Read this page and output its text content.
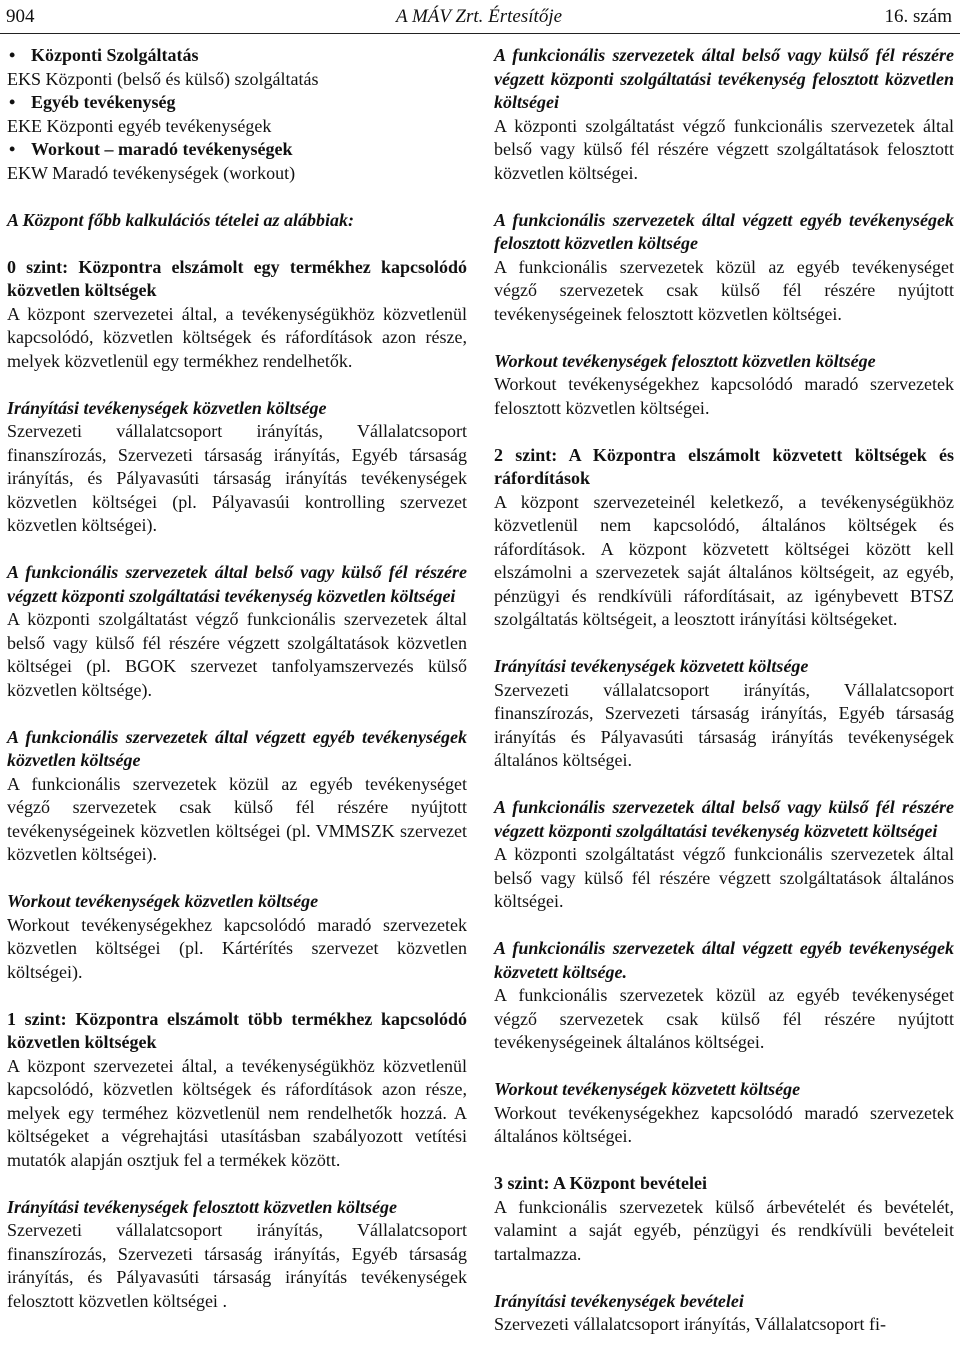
A MÁV Zrt. Értesítője
904	16. szám
• Központi Szolgáltatás
EKS Központi (belső és külső) szolgáltatás
• Egyéb tevékenység
EKE Központi egyéb tevékenységek
• Workout – maradó tevékenységek
EKW Maradó tevékenységek (workout)
A Központ főbb kalkulációs tételei az alábbiak:
0 szint: Központra elszámolt egy termékhez kapcsolódó közvetlen költségek
A központ szervezetei által, a tevékenységükhöz közvetlenül kapcsolódó, közvetlen költségek és ráfordítások azon része, melyek közvetlenül egy termékhez rendelhetők.
Irányítási tevékenységek közvetlen költsége
Szervezeti vállalatcsoport irányítás, Vállalatcsoport finanszírozás, Szervezeti társaság irányítás, Egyéb társaság irányítás, és Pályavasúti társaság irányítás tevékenységek közvetlen költségei (pl. Pályavasúi kontrolling szervezet közvetlen költségei).
A funkcionális szervezetek által belső vagy külső fél részére végzett központi szolgáltatási tevékenység közvetlen költségei
A központi szolgáltatást végző funkcionális szervezetek által belső vagy külső fél részére végzett szolgáltatások közvetlen költségei (pl. BGOK szervezet tanfolyamszervezés külső közvetlen költsége).
A funkcionális szervezetek által végzett egyéb tevékenységek közvetlen költsége
A funkcionális szervezetek közül az egyéb tevékenységet végző szervezetek csak külső fél részére nyújtott tevékenységeinek közvetlen költségei (pl. VMMSZK szervezet közvetlen költségei).
Workout tevékenységek közvetlen költsége
Workout tevékenységekhez kapcsolódó maradó szervezetek közvetlen költségei (pl. Kártérítés szervezet közvetlen költségei).
1 szint: Központra elszámolt több termékhez kapcsolódó közvetlen költségek
A központ szervezetei által, a tevékenységükhöz közvetlenül kapcsolódó, közvetlen költségek és ráfordítások azon része, melyek egy terméhez közvetlenül nem rendelhetők hozzá. A költségeket a végrehajtási utasításban szabályozott vetítési mutatók alapján osztjuk fel a termékek között.
Irányítási tevékenységek felosztott közvetlen költsége
Szervezeti vállalatcsoport irányítás, Vállalatcsoport finanszírozás, Szervezeti társaság irányítás, Egyéb társaság irányítás, és Pályavasúti társaság irányítás tevékenységek felosztott közvetlen költségei .
A funkcionális szervezetek által belső vagy külső fél részére végzett központi szolgáltatási tevékenység felosztott közvetlen költségei
A központi szolgáltatást végző funkcionális szervezetek által belső vagy külső fél részére végzett szolgáltatások felosztott közvetlen költségei.
A funkcionális szervezetek által végzett egyéb tevékenységek felosztott közvetlen költsége
A funkcionális szervezetek közül az egyéb tevékenységet végző szervezetek csak külső fél részére nyújtott tevékenységeinek felosztott közvetlen költségei.
Workout tevékenységek felosztott közvetlen költsége
Workout tevékenységekhez kapcsolódó maradó szervezetek felosztott közvetlen költségei.
2 szint: A Központra elszámolt közvetett költségek és ráfordítások
A központ szervezeteinél keletkező, a tevékenységükhöz közvetlenül nem kapcsolódó, általános költségek és ráfordítások. A központ közvetett költségei között kell elszámolni a szervezetek saját általános költségeit, az egyéb, pénzügyi és rendkívüli ráfordításait, az igénybevett BTSZ szolgáltatás költségeit, a leosztott irányítási költségeket.
Irányítási tevékenységek közvetett költsége
Szervezeti vállalatcsoport irányítás, Vállalatcsoport finanszírozás, Szervezeti társaság irányítás, Egyéb társaság irányítás és Pályavasúti társaság irányítás tevékenységek általános költségei.
A funkcionális szervezetek által belső vagy külső fél részére végzett központi szolgáltatási tevékenység közvetett költségei
A központi szolgáltatást végző funkcionális szervezetek által belső vagy külső fél részére végzett szolgáltatások általános költségei.
A funkcionális szervezetek által végzett egyéb tevékenységek közvetett költsége.
A funkcionális szervezetek közül az egyéb tevékenységet végző szervezetek csak külső fél részére nyújtott tevékenységeinek általános költségei.
Workout tevékenységek közvetett költsége
Workout tevékenységekhez kapcsolódó maradó szervezetek általános költségei.
3 szint: A Központ bevételei
A funkcionális szervezetek külső árbevételét és bevételét, valamint a saját egyéb, pénzügyi és rendkívüli bevételeit tartalmazza.
Irányítási tevékenységek bevételei
Szervezeti vállalatcsoport irányítás, Vállalatcsoport fi-
